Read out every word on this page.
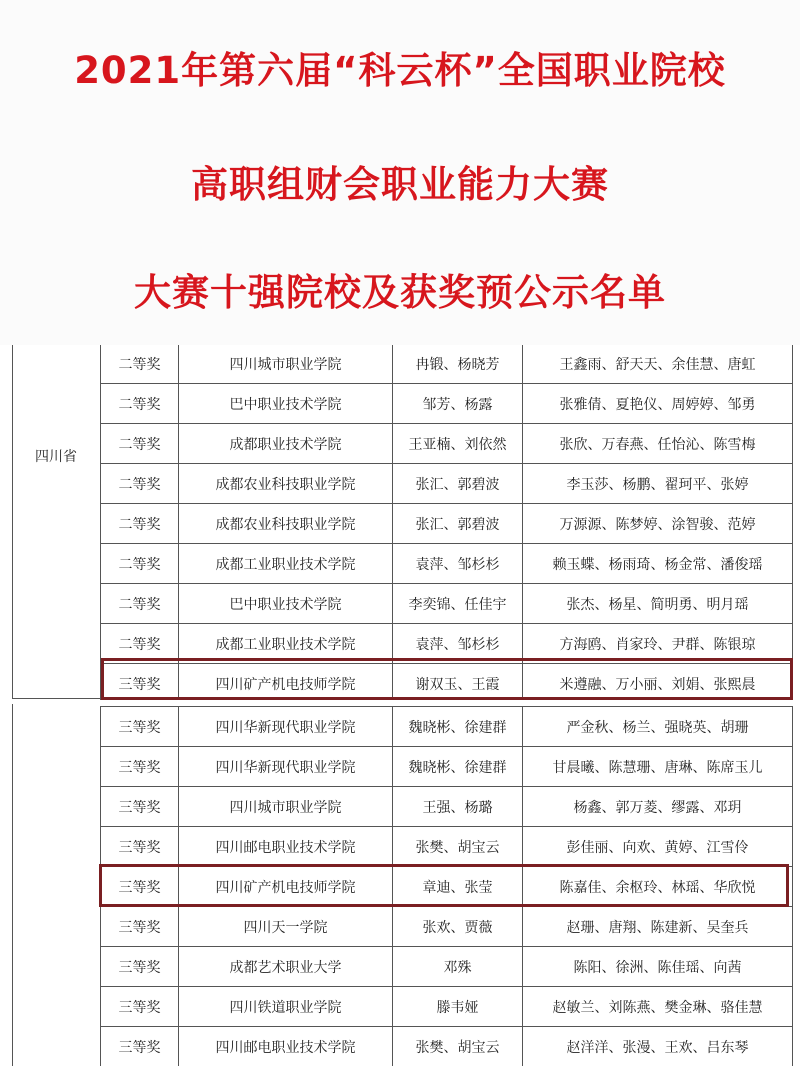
2021年第六届“科云杯”全国职业院校
高职组财会职业能力大赛
大赛十强院校及获奖预公示名单
四川省
二等奖	四川城市职业学院	冉锻、杨晓芳	王鑫雨、舒天天、余佳慧、唐虹
二等奖	巴中职业技术学院	邹芳、杨露	张雅倩、夏艳仪、周婷婷、邹勇
二等奖	成都职业技术学院	王亚楠、刘依然	张欣、万春燕、任怡沁、陈雪梅
二等奖	成都农业科技职业学院	张汇、郭碧波	李玉莎、杨鹏、翟珂平、张婷
二等奖	成都农业科技职业学院	张汇、郭碧波	万源源、陈梦婷、涂智骏、范婷
二等奖	成都工业职业技术学院	袁萍、邹杉杉	赖玉蝶、杨雨琦、杨金常、潘俊瑶
二等奖	巴中职业技术学院	李奕锦、任佳宇	张杰、杨星、简明勇、明月瑶
二等奖	成都工业职业技术学院	袁萍、邹杉杉	方海鸥、肖家玲、尹群、陈银琼
三等奖	四川矿产机电技师学院	谢双玉、王霞	米遵融、万小丽、刘娟、张熙晨
三等奖	四川华新现代职业学院	魏晓彬、徐建群	严金秋、杨兰、强晓英、胡珊
三等奖	四川华新现代职业学院	魏晓彬、徐建群	甘晨曦、陈慧珊、唐琳、陈席玉儿
三等奖	四川城市职业学院	王强、杨璐	杨鑫、郭万菱、缪露、邓玥
三等奖	四川邮电职业技术学院	张樊、胡宝云	彭佳丽、向欢、黄婷、江雪伶
三等奖	四川矿产机电技师学院	章迪、张莹	陈嘉佳、余枢玲、林瑶、华欣悦
三等奖	四川天一学院	张欢、贾薇	赵珊、唐翔、陈建新、吴奎兵
三等奖	成都艺术职业大学	邓殊	陈阳、徐洲、陈佳瑶、向茜
三等奖	四川铁道职业学院	滕韦娅	赵敏兰、刘陈燕、樊金琳、骆佳慧
三等奖	四川邮电职业技术学院	张樊、胡宝云	赵洋洋、张漫、王欢、吕东琴
